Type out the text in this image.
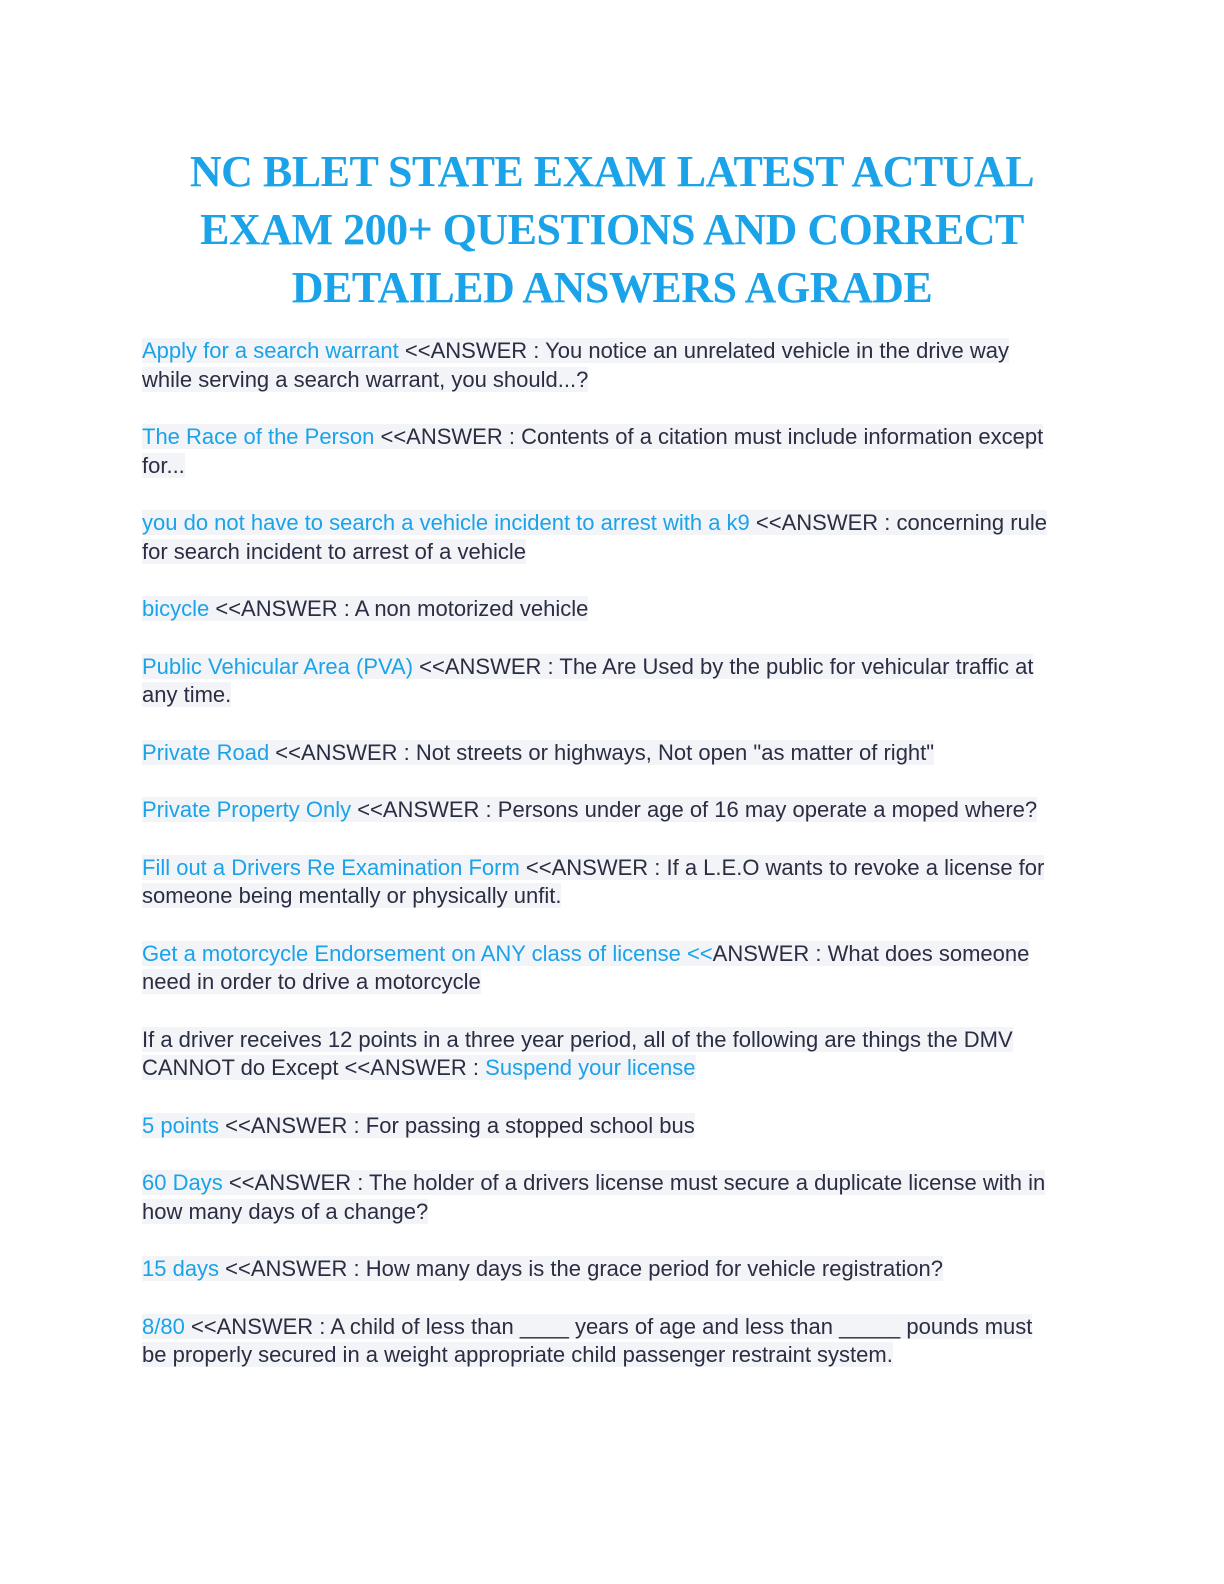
NC BLET STATE EXAM LATEST ACTUAL
EXAM 200+ QUESTIONS AND CORRECT
DETAILED ANSWERS AGRADE

Apply for a search warrant <<ANSWER : You notice an unrelated vehicle in the drive way while serving a search warrant, you should...?

The Race of the Person <<ANSWER : Contents of a citation must include information except for...

you do not have to search a vehicle incident to arrest with a k9 <<ANSWER : concerning rule for search incident to arrest of a vehicle

bicycle <<ANSWER : A non motorized vehicle

Public Vehicular Area (PVA) <<ANSWER : The Are Used by the public for vehicular traffic at any time.

Private Road <<ANSWER : Not streets or highways, Not open "as matter of right"

Private Property Only <<ANSWER : Persons under age of 16 may operate a moped where?

Fill out a Drivers Re Examination Form <<ANSWER : If a L.E.O wants to revoke a license for someone being mentally or physically unfit.

Get a motorcycle Endorsement on ANY class of license <<ANSWER : What does someone need in order to drive a motorcycle

If a driver receives 12 points in a three year period, all of the following are things the DMV CANNOT do Except <<ANSWER : Suspend your license

5 points <<ANSWER : For passing a stopped school bus

60 Days <<ANSWER : The holder of a drivers license must secure a duplicate license with in how many days of a change?

15 days <<ANSWER : How many days is the grace period for vehicle registration?

8/80 <<ANSWER : A child of less than ____ years of age and less than _____ pounds must be properly secured in a weight appropriate child passenger restraint system.
